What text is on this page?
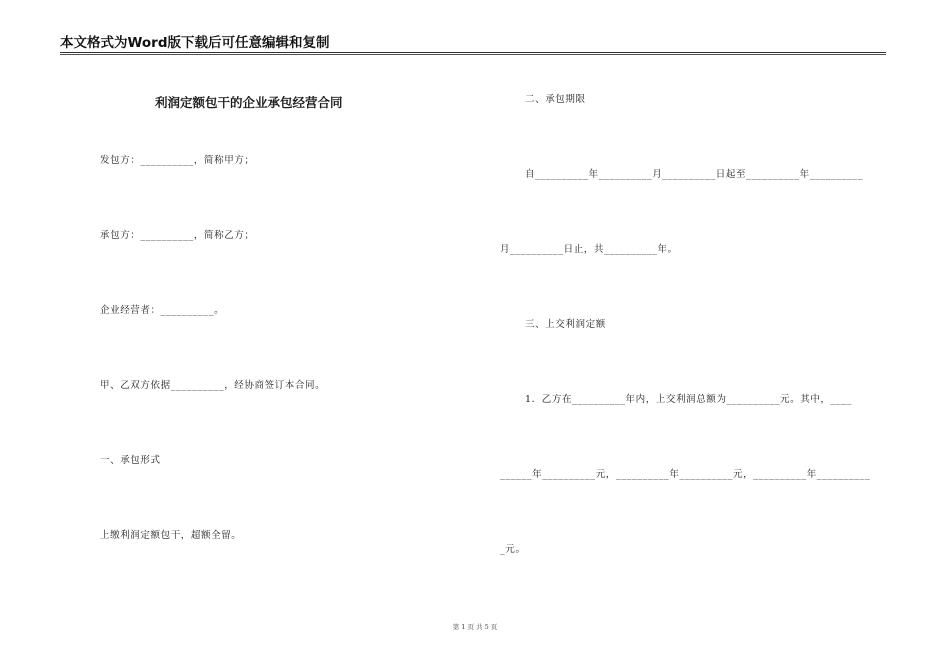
本文格式为Word版下载后可任意编辑和复制
利润定额包干的企业承包经营合同
发包方：__________，简称甲方；
承包方：__________，简称乙方；
企业经营者：__________。
甲、乙双方依据__________，经协商签订本合同。
一、承包形式
上缴利润定额包干，超额全留。
二、承包期限
自__________年__________月__________日起至__________年__________
月__________日止，共__________年。
三、上交利润定额
1．乙方在__________年内，上交利润总额为__________元。其中，____
______年__________元，__________年__________元，__________年__________
_元。
第 1 页 共 5 页
